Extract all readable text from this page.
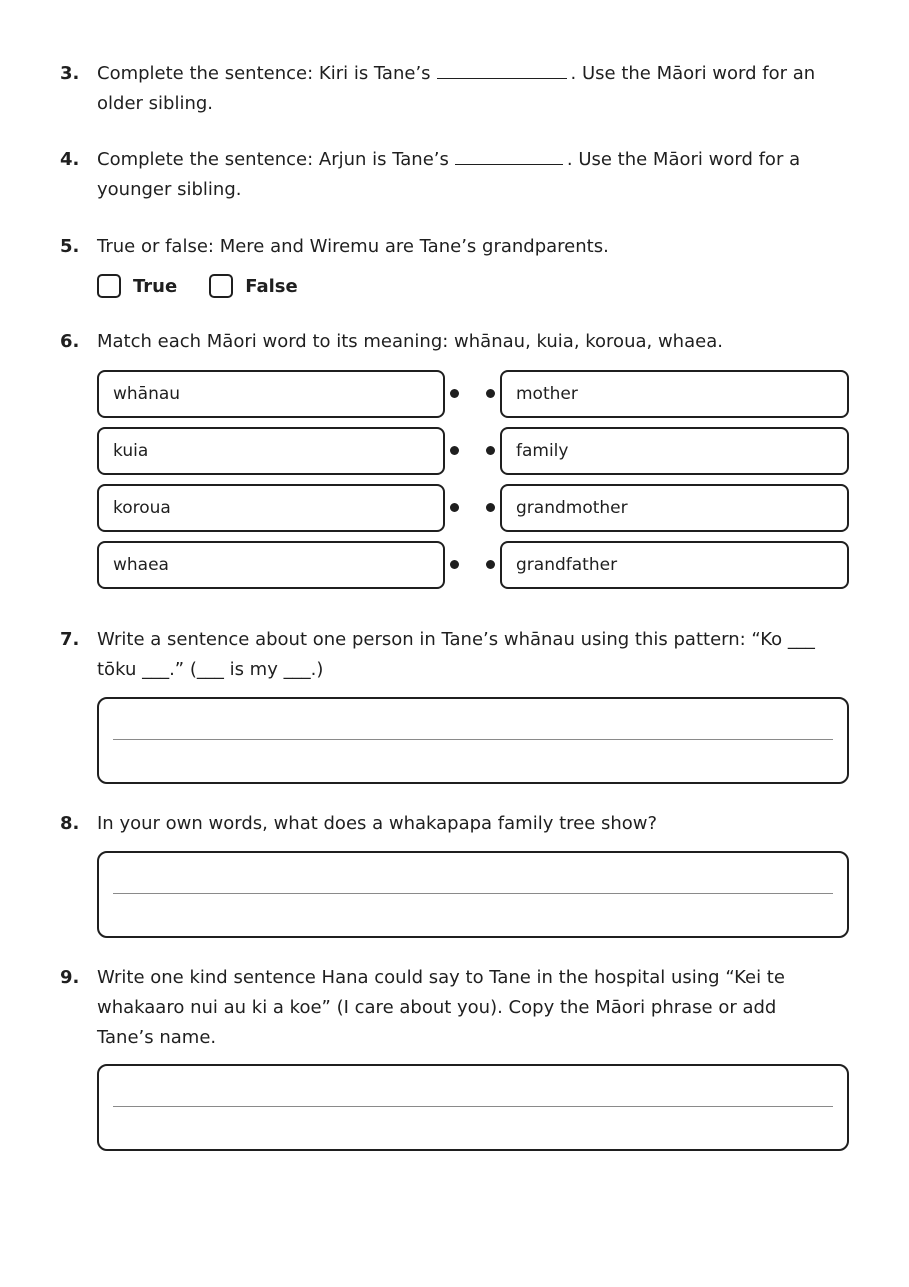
3. Complete the sentence: Kiri is Tane’s	. Use the Māori word for an older sibling.
4. Complete the sentence: Arjun is Tane’s	. Use the Māori word for a younger sibling.
5. True or false: Mere and Wiremu are Tane’s grandparents.
True	False
6. Match each Māori word to its meaning: whānau, kuia, koroua, whaea.
whānau	mother
kuia	family
koroua	grandmother
whaea	grandfather
7. Write a sentence about one person in Tane’s whānau using this pattern: “Ko ___ tōku ___.” (___ is my ___.)
8. In your own words, what does a whakapapa family tree show?
9. Write one kind sentence Hana could say to Tane in the hospital using “Kei te whakaaro nui au ki a koe” (I care about you). Copy the Māori phrase or add Tane’s name.
